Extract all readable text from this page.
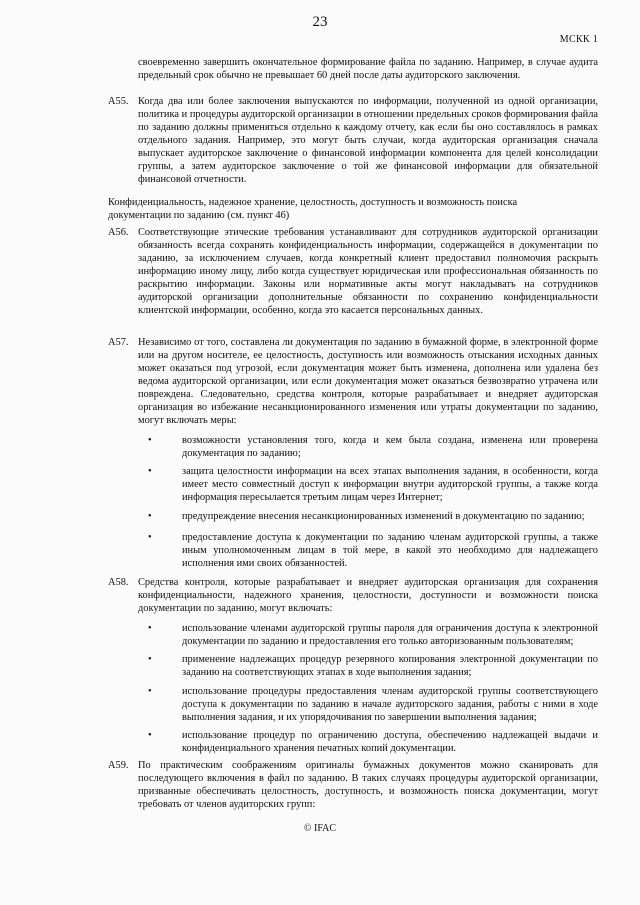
23
МСКК 1
своевременно завершить окончательное формирование файла по заданию. Например, в случае аудита предельный срок обычно не превышает 60 дней после даты аудиторского заключения.
A55. Когда два или более заключения выпускаются по информации, полученной из одной организации, политика и процедуры аудиторской организации в отношении предельных сроков формирования файла по заданию должны применяться отдельно к каждому отчету, как если бы оно составлялось в рамках отдельного задания. Например, это могут быть случаи, когда аудиторская организация сначала выпускает аудиторское заключение о финансовой информации компонента для целей консолидации группы, а затем аудиторское заключение о той же финансовой информации для обязательной финансовой отчетности.
Конфиденциальность, надежное хранение, целостность, доступность и возможность поиска документации по заданию (см. пункт 46)
A56. Соответствующие этические требования устанавливают для сотрудников аудиторской организации обязанность всегда сохранять конфиденциальность информации, содержащейся в документации по заданию, за исключением случаев, когда конкретный клиент предоставил полномочия раскрыть информацию иному лицу, либо когда существует юридическая или профессиональная обязанность по раскрытию информации. Законы или нормативные акты могут накладывать на сотрудников аудиторской организации дополнительные обязанности по сохранению конфиденциальности клиентской информации, особенно, когда это касается персональных данных.
A57. Независимо от того, составлена ли документация по заданию в бумажной форме, в электронной форме или на другом носителе, ее целостность, доступность или возможность отыскания исходных данных может оказаться под угрозой, если документация может быть изменена, дополнена или удалена без ведома аудиторской организации, или если документация может оказаться безвозвратно утрачена или повреждена. Следовательно, средства контроля, которые разрабатывает и внедряет аудиторская организация во избежание несанкционированного изменения или утраты документации по заданию, могут включать меры:
•	возможности установления того, когда и кем была создана, изменена или проверена документация по заданию;
•	защита целостности информации на всех этапах выполнения задания, в особенности, когда имеет место совместный доступ к информации внутри аудиторской группы, а также когда информация пересылается третьим лицам через Интернет;
•	предупреждение внесения несанкционированных изменений в документацию по заданию;
•	предоставление доступа к документации по заданию членам аудиторской группы, а также иным уполномоченным лицам в той мере, в какой это необходимо для надлежащего исполнения ими своих обязанностей.
A58. Средства контроля, которые разрабатывает и внедряет аудиторская организация для сохранения конфиденциальности, надежного хранения, целостности, доступности и возможности поиска документации по заданию, могут включать:
•	использование членами аудиторской группы пароля для ограничения доступа к электронной документации по заданию и предоставления его только авторизованным пользователям;
•	применение надлежащих процедур резервного копирования электронной документации по заданию на соответствующих этапах в ходе выполнения задания;
•	использование процедуры предоставления членам аудиторской группы соответствующего доступа к документации по заданию в начале аудиторского задания, работы с ними в ходе выполнения задания, и их упорядочивания по завершении выполнения задания;
•	использование процедур по ограничению доступа, обеспечению надлежащей выдачи и конфиденциального хранения печатных копий документации.
A59. По практическим соображениям оригиналы бумажных документов можно сканировать для последующего включения в файл по заданию. В таких случаях процедуры аудиторской организации, призванные обеспечивать целостность, доступность, и возможность поиска документации, могут требовать от членов аудиторских групп:
© IFAC
